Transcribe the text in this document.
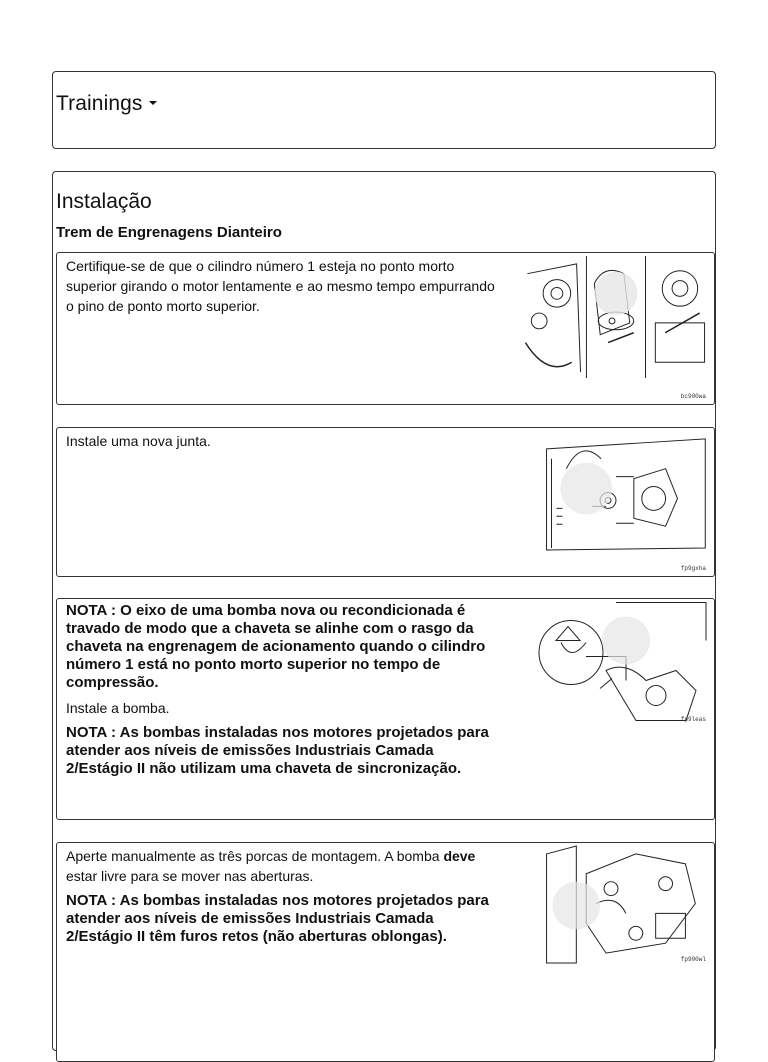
Trainings
Instalação
Trem de Engrenagens Dianteiro
Certifique-se de que o cilindro número 1 esteja no ponto morto superior girando o motor lentamente e ao mesmo tempo empurrando o pino de ponto morto superior.
bc900wa
Instale uma nova junta.
fp9gxha

NOTA : O eixo de uma bomba nova ou recondicionada é travado de modo que a chaveta se alinhe com o rasgo da chaveta na engrenagem de acionamento quando o cilindro número 1 está no ponto morto superior no tempo de compressão.

Instale a bomba.

NOTA : As bombas instaladas nos motores projetados para atender aos níveis de emissões Industriais Camada 2/Estágio II não utilizam uma chaveta de sincronização.

fp9leas

Aperte manualmente as três porcas de montagem. A bomba deve estar livre para se mover nas aberturas.

NOTA : As bombas instaladas nos motores projetados para atender aos níveis de emissões Industriais Camada 2/Estágio II têm furos retos (não aberturas oblongas).

fp900wl
